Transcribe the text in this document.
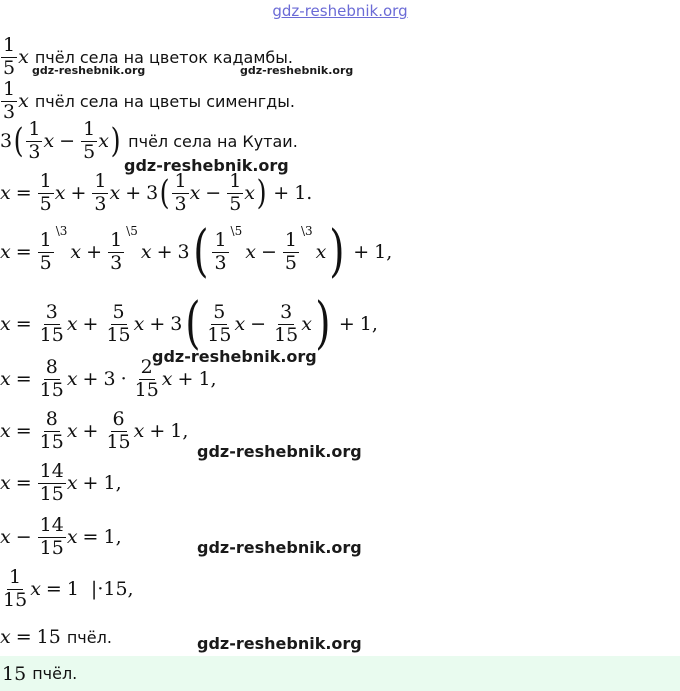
gdz-reshebnik.org
$\frac{1}{5}$ x пчёл села на цветок кадамбы.
gdz-reshebnik.org	gdz-reshebnik.org
$\frac{1}{3}$ x пчёл села на цветы сименгды.
3 ( $\frac{1}{3}$ $x - \frac{1}{5}$ x ) пчёл села на Кутаи.
gdz-reshebnik.org
$x = \frac{1}{5}$ $x + \frac{1}{3}$ x + 3 ( $\frac{1}{3}$ $x - \frac{1}{5}$ x ) + 1 .
$x = \frac{1}{5}$ \3
$x + \frac{1}{3}$ \5
x + 3 ( $\frac{1}{3}$ \5
$x - \frac{1}{5}$ \3
x ) + 1 ,
$x = \frac{3}{15}$ $x + \frac{5}{15}$ x + 3 ( $\frac{5}{15}$ $x - \frac{3}{15}$ x ) + 1 ,
gdz-reshebnik.org
$x = \frac{8}{15}$ $x + 3 \cdot \frac{2}{15}$ x + 1 ,
$x = \frac{8}{15}$ $x + \frac{6}{15}$ x + 1 ,
gdz-reshebnik.org
$x = \frac{14}{15}$ x + 1 ,
$x - \frac{14}{15}$ x = 1 ,	gdz-reshebnik.org
$\frac{1}{15}$ x = 1 | ·15 ,
x = 15 пчёл.	gdz-reshebnik.org
15 пчёл.
